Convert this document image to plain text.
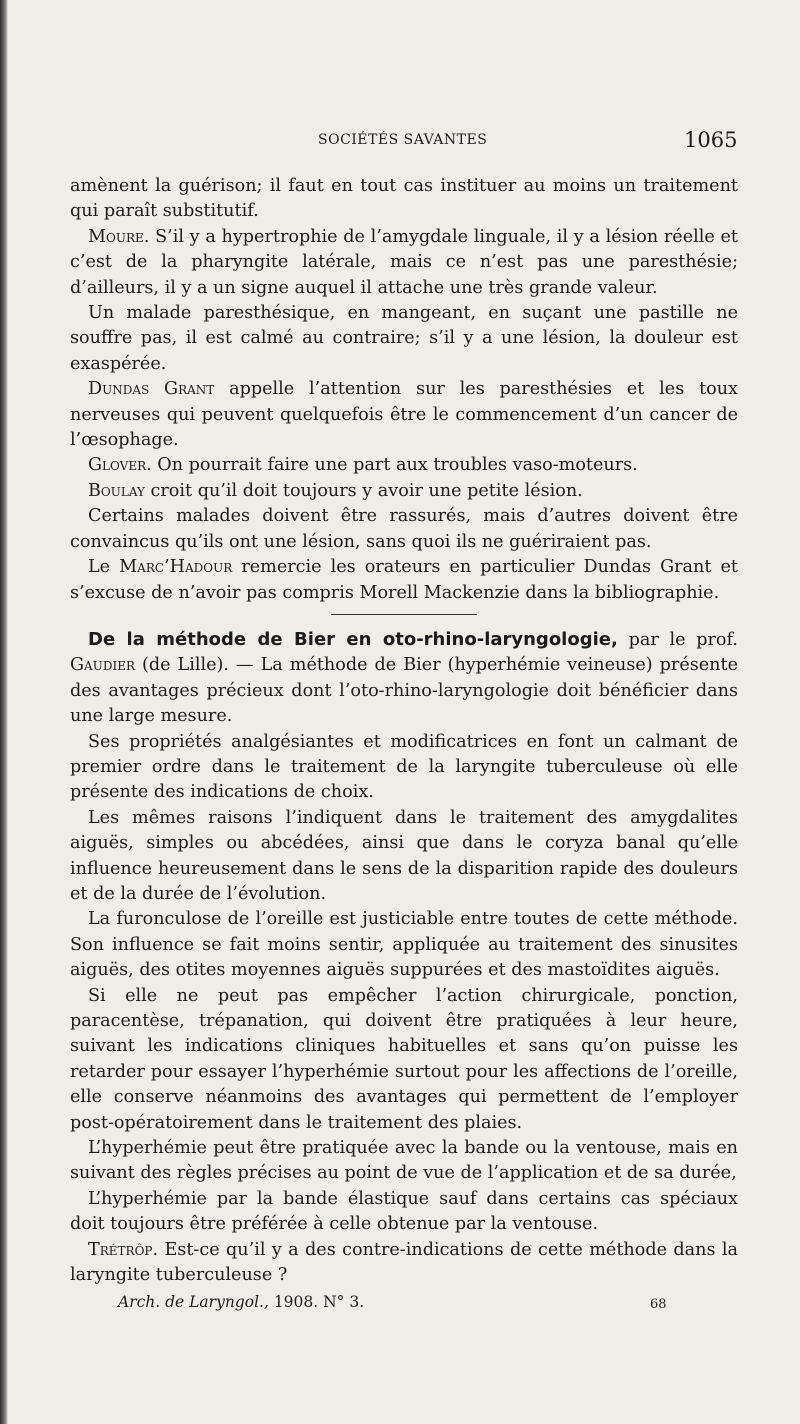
SOCIÉTÉS SAVANTES	1065

amènent la guérison; il faut en tout cas instituer au moins un traitement qui paraît substitutif.

Moure. S’il y a hypertrophie de l’amygdale linguale, il y a lésion réelle et c’est de la pharyngite latérale, mais ce n’est pas une paresthésie; d’ailleurs, il y a un signe auquel il attache une très grande valeur.

Un malade paresthésique, en mangeant, en suçant une pastille ne souffre pas, il est calmé au contraire; s’il y a une lésion, la douleur est exaspérée.

Dundas Grant appelle l’attention sur les paresthésies et les toux nerveuses qui peuvent quelquefois être le commencement d’un cancer de l’œsophage.

Glover. On pourrait faire une part aux troubles vaso-moteurs.

Boulay croit qu’il doit toujours y avoir une petite lésion.

Certains malades doivent être rassurés, mais d’autres doivent être convaincus qu’ils ont une lésion, sans quoi ils ne guériraient pas.

Le Marc’Hadour remercie les orateurs en particulier Dundas Grant et s’excuse de n’avoir pas compris Morell Mackenzie dans la bibliographie.

De la méthode de Bier en oto-rhino-laryngologie, par le prof. Gaudier (de Lille). — La méthode de Bier (hyperhémie veineuse) présente des avantages précieux dont l’oto-rhino-laryngologie doit bénéficier dans une large mesure.

Ses propriétés analgésiantes et modificatrices en font un calmant de premier ordre dans le traitement de la laryngite tuberculeuse où elle présente des indications de choix.

Les mêmes raisons l’indiquent dans le traitement des amygdalites aiguës, simples ou abcédées, ainsi que dans le coryza banal qu’elle influence heureusement dans le sens de la disparition rapide des douleurs et de la durée de l’évolution.

La furonculose de l’oreille est justiciable entre toutes de cette méthode. Son influence se fait moins sentir, appliquée au traitement des sinusites aiguës, des otites moyennes aiguës suppurées et des mastoïdites aiguës.

Si elle ne peut pas empêcher l’action chirurgicale, ponction, paracentèse, trépanation, qui doivent être pratiquées à leur heure, suivant les indications cliniques habituelles et sans qu’on puisse les retarder pour essayer l’hyperhémie surtout pour les affections de l’oreille, elle conserve néanmoins des avantages qui permettent de l’employer post-opératoirement dans le traitement des plaies.

L’hyperhémie peut être pratiquée avec la bande ou la ventouse, mais en suivant des règles précises au point de vue de l’application et de sa durée,

L’hyperhémie par la bande élastique sauf dans certains cas spéciaux doit toujours être préférée à celle obtenue par la ventouse.

Trétrôp. Est-ce qu’il y a des contre-indications de cette méthode dans la laryngite tuberculeuse ?

Arch. de Laryngol., 1908. N° 3.	68
